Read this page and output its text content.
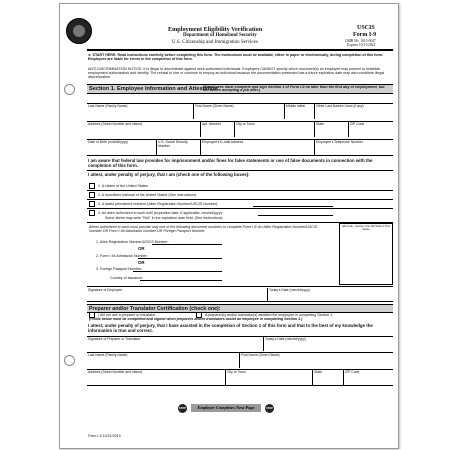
Employment Eligibility Verification
Department of Homeland Security
U.S. Citizenship and Immigration Services
USCIS
Form I-9
OMB No. 1615-0047
Expires 10/31/2022
► START HERE: Read instructions carefully before completing this form. The instructions must be available, either in paper or electronically, during completion of this form. Employers are liable for errors in the completion of this form.
ANTI-DISCRIMINATION NOTICE: It is illegal to discriminate against work-authorized individuals. Employers CANNOT specify which document(s) an employee may present to establish employment authorization and identity. The refusal to hire or continue to employ an individual because the documentation presented has a future expiration date may also constitute illegal discrimination.
Section 1. Employee Information and Attestation
(Employees must complete and sign Section 1 of Form I-9 no later than the first day of employment, but not before accepting a job offer.)
Last Name (Family Name)	First Name (Given Name)	Middle Initial	Other Last Names Used (if any)
Address (Street Number and Name)	Apt. Number	City or Town	State	ZIP Code
Date of Birth (mm/dd/yyyy)	U.S. Social Security Number
Employee's E-mail Address	Employee's Telephone Number
I am aware that federal law provides for imprisonment and/or fines for false statements or use of false documents in connection with the completion of this form.
I attest, under penalty of perjury, that I am (check one of the following boxes):
1. A citizen of the United States
2. A noncitizen national of the United States (See instructions)
3. A lawful permanent resident (Alien Registration Number/USCIS Number):
4. An alien authorized to work until (expiration date, if applicable, mm/dd/yyyy):
Some aliens may write "N/A" in the expiration date field. (See instructions)
Aliens authorized to work must provide only one of the following document numbers to complete Form I-9: An Alien Registration Number/USCIS Number OR Form I-94 Admission Number OR Foreign Passport Number.
1. Alien Registration Number/USCIS Number:
OR
2. Form I-94 Admission Number:
OR
3. Foreign Passport Number:
Country of Issuance:
QR Code - Section 1 Do Not Write In This Space
Signature of Employee	Today's Date (mm/dd/yyyy)
Preparer and/or Translator Certification (check one):
I did not use a preparer or translator.	A preparer(s) and/or translator(s) assisted the employee in completing Section 1.
(Fields below must be completed and signed when preparers and/or translators assist an employee in completing Section 1.)
I attest, under penalty of perjury, that I have assisted in the completion of Section 1 of this form and that to the best of my knowledge the information is true and correct.
Signature of Preparer or Translator	Today's Date (mm/dd/yyyy)
Last Name (Family Name)	First Name (Given Name)
Address (Street Number and Name)	City or Town	State	ZIP Code
STOP	Employer Completes Next Page	STOP
Form I-9 10/21/2019
